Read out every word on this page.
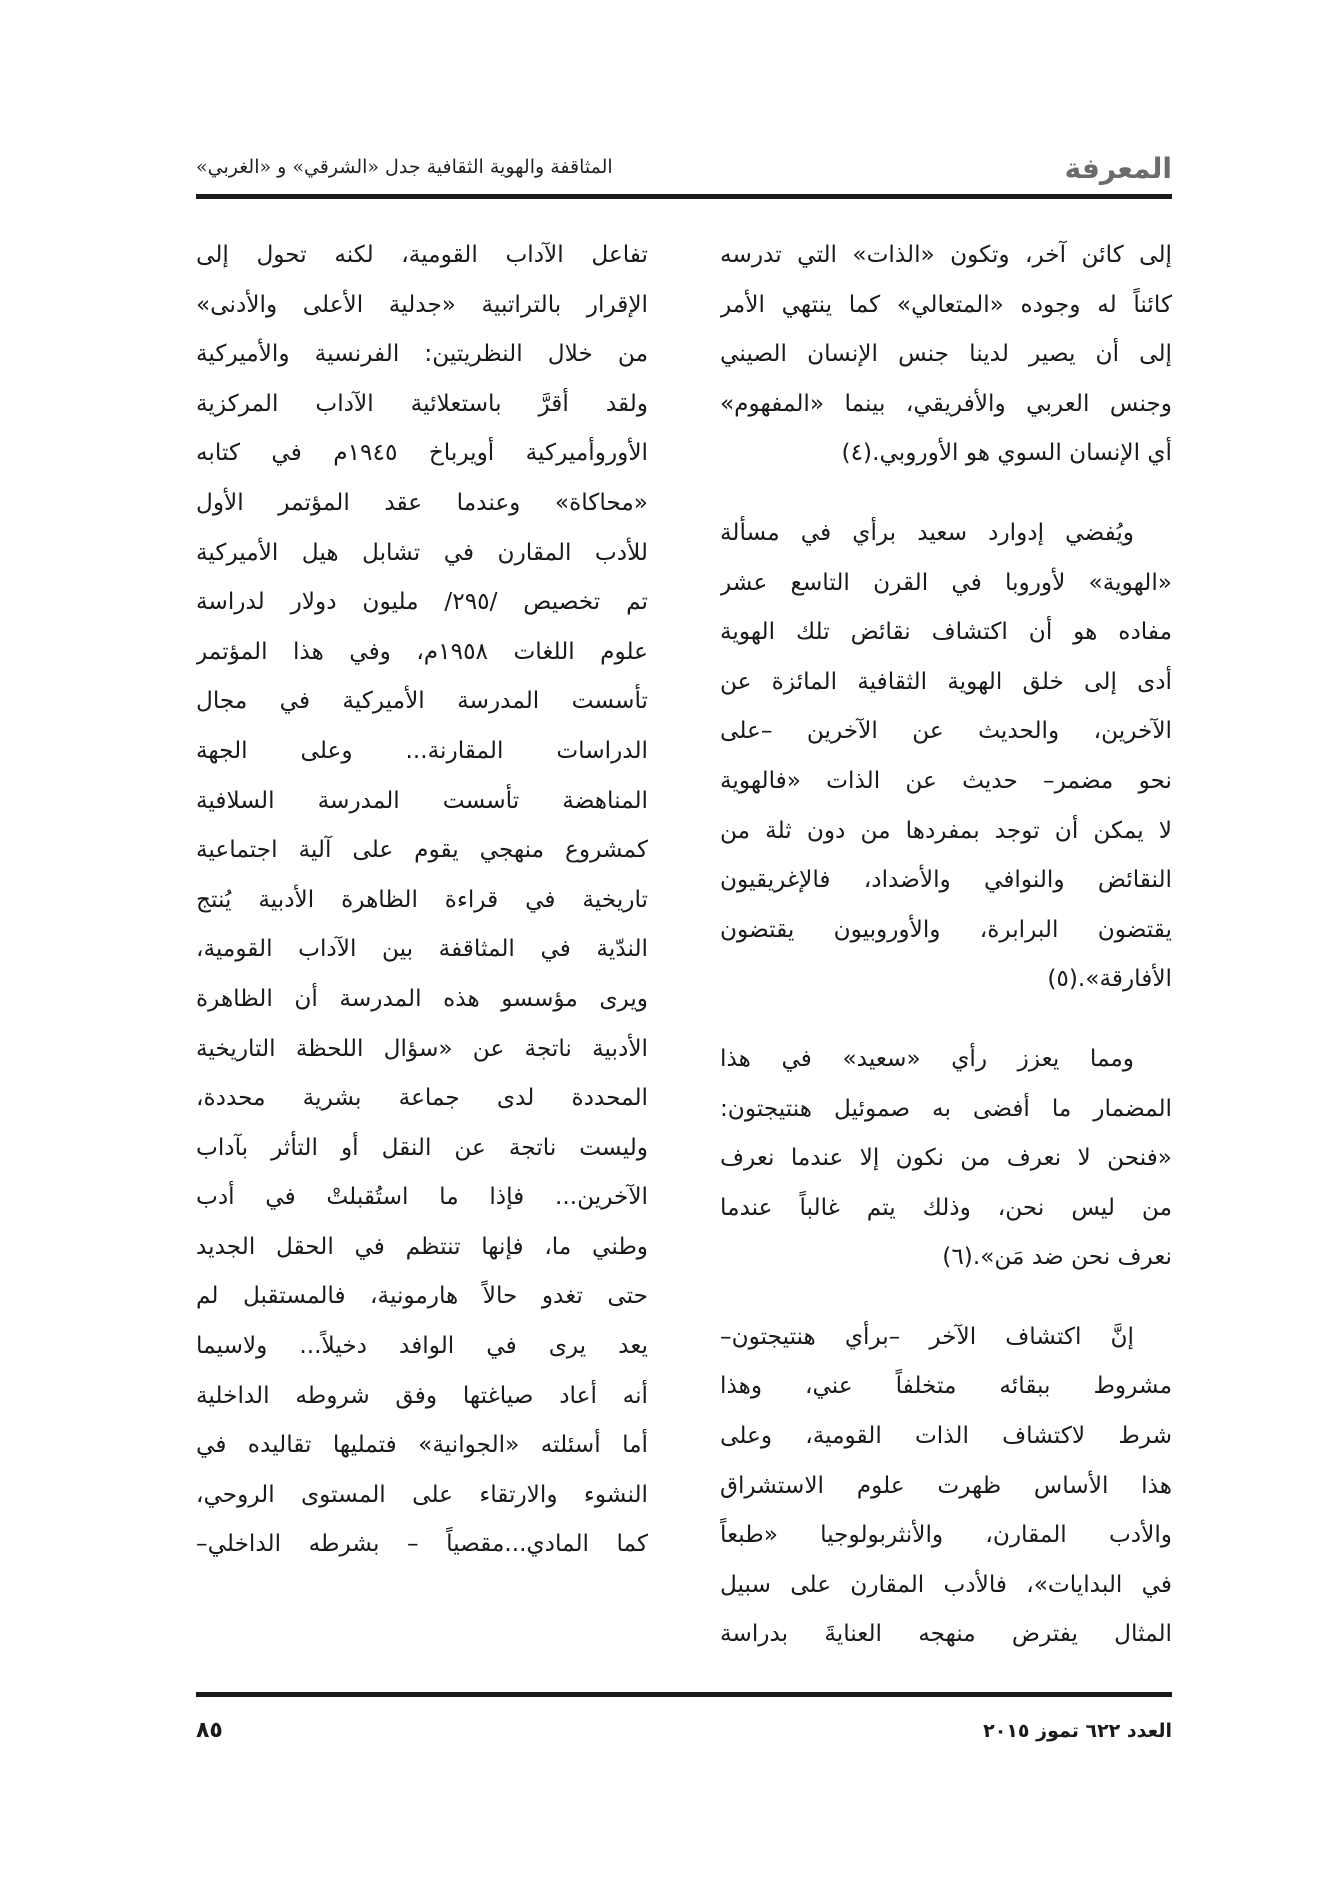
المعرفة
المثاقفة والهوية الثقافية جدل «الشرقي» و «الغربي»
إلى كائن آخر، وتكون «الذات» التي تدرسه
كائناً له وجوده «المتعالي» كما ينتهي الأمر
إلى أن يصير لدينا جنس الإنسان الصيني
وجنس العربي والأفريقي، بينما «المفهوم»
أي الإنسان السوي هو الأوروبي.(٤)
ويُفضي إدوارد سعيد برأي في مسألة
«الهوية» لأوروبا في القرن التاسع عشر
مفاده هو أن اكتشاف نقائض تلك الهوية
أدى إلى خلق الهوية الثقافية المائزة عن
الآخرين، والحديث عن الآخرين –على
نحو مضمر– حديث عن الذات «فالهوية
لا يمكن أن توجد بمفردها من دون ثلة من
النقائض والنوافي والأضداد، فالإغريقيون
يقتضون البرابرة، والأوروبيون يقتضون
الأفارقة».(٥)
ومما يعزز رأي «سعيد» في هذا
المضمار ما أفضى به صموئيل هنتيجتون:
«فنحن لا نعرف من نكون إلا عندما نعرف
من ليس نحن، وذلك يتم غالباً عندما
نعرف نحن ضد مَن».(٦)
إنَّ اكتشاف الآخر –برأي هنتيجتون–
مشروط ببقائه متخلفاً عني، وهذا
شرط لاكتشاف الذات القومية، وعلى
هذا الأساس ظهرت علوم الاستشراق
والأدب المقارن، والأنثربولوجيا «طبعاً
في البدايات»، فالأدب المقارن على سبيل
المثال يفترض منهجه العنايةَ بدراسة
تفاعل الآداب القومية، لكنه تحول إلى
الإقرار بالتراتبية «جدلية الأعلى والأدنى»
من خلال النظريتين: الفرنسية والأميركية
ولقد أقرَّ باستعلائية الآداب المركزية
الأوروأميركية أويرباخ ١٩٤٥م في كتابه
«محاكاة» وعندما عقد المؤتمر الأول
للأدب المقارن في تشابل هيل الأميركية
تم تخصيص /٢٩٥/ مليون دولار لدراسة
علوم اللغات ١٩٥٨م، وفي هذا المؤتمر
تأسست المدرسة الأميركية في مجال
الدراسات المقارنة... وعلى الجهة
المناهضة تأسست المدرسة السلافية
كمشروع منهجي يقوم على آلية اجتماعية
تاريخية في قراءة الظاهرة الأدبية يُنتج
الندّية في المثاقفة بين الآداب القومية،
ويرى مؤسسو هذه المدرسة أن الظاهرة
الأدبية ناتجة عن «سؤال اللحظة التاريخية
المحددة لدى جماعة بشرية محددة،
وليست ناتجة عن النقل أو التأثر بآداب
الآخرين... فإذا ما استُقبلتْ في أدب
وطني ما، فإنها تنتظم في الحقل الجديد
حتى تغدو حالاً هارمونية، فالمستقبل لم
يعد يرى في الوافد دخيلاً... ولاسيما
أنه أعاد صياغتها وفق شروطه الداخلية
أما أسئلته «الجوانية» فتمليها تقاليده في
النشوء والارتقاء على المستوى الروحي،
كما المادي...مقصياً – بشرطه الداخلي–
العدد ٦٢٢ تموز ٢٠١٥
٨٥
